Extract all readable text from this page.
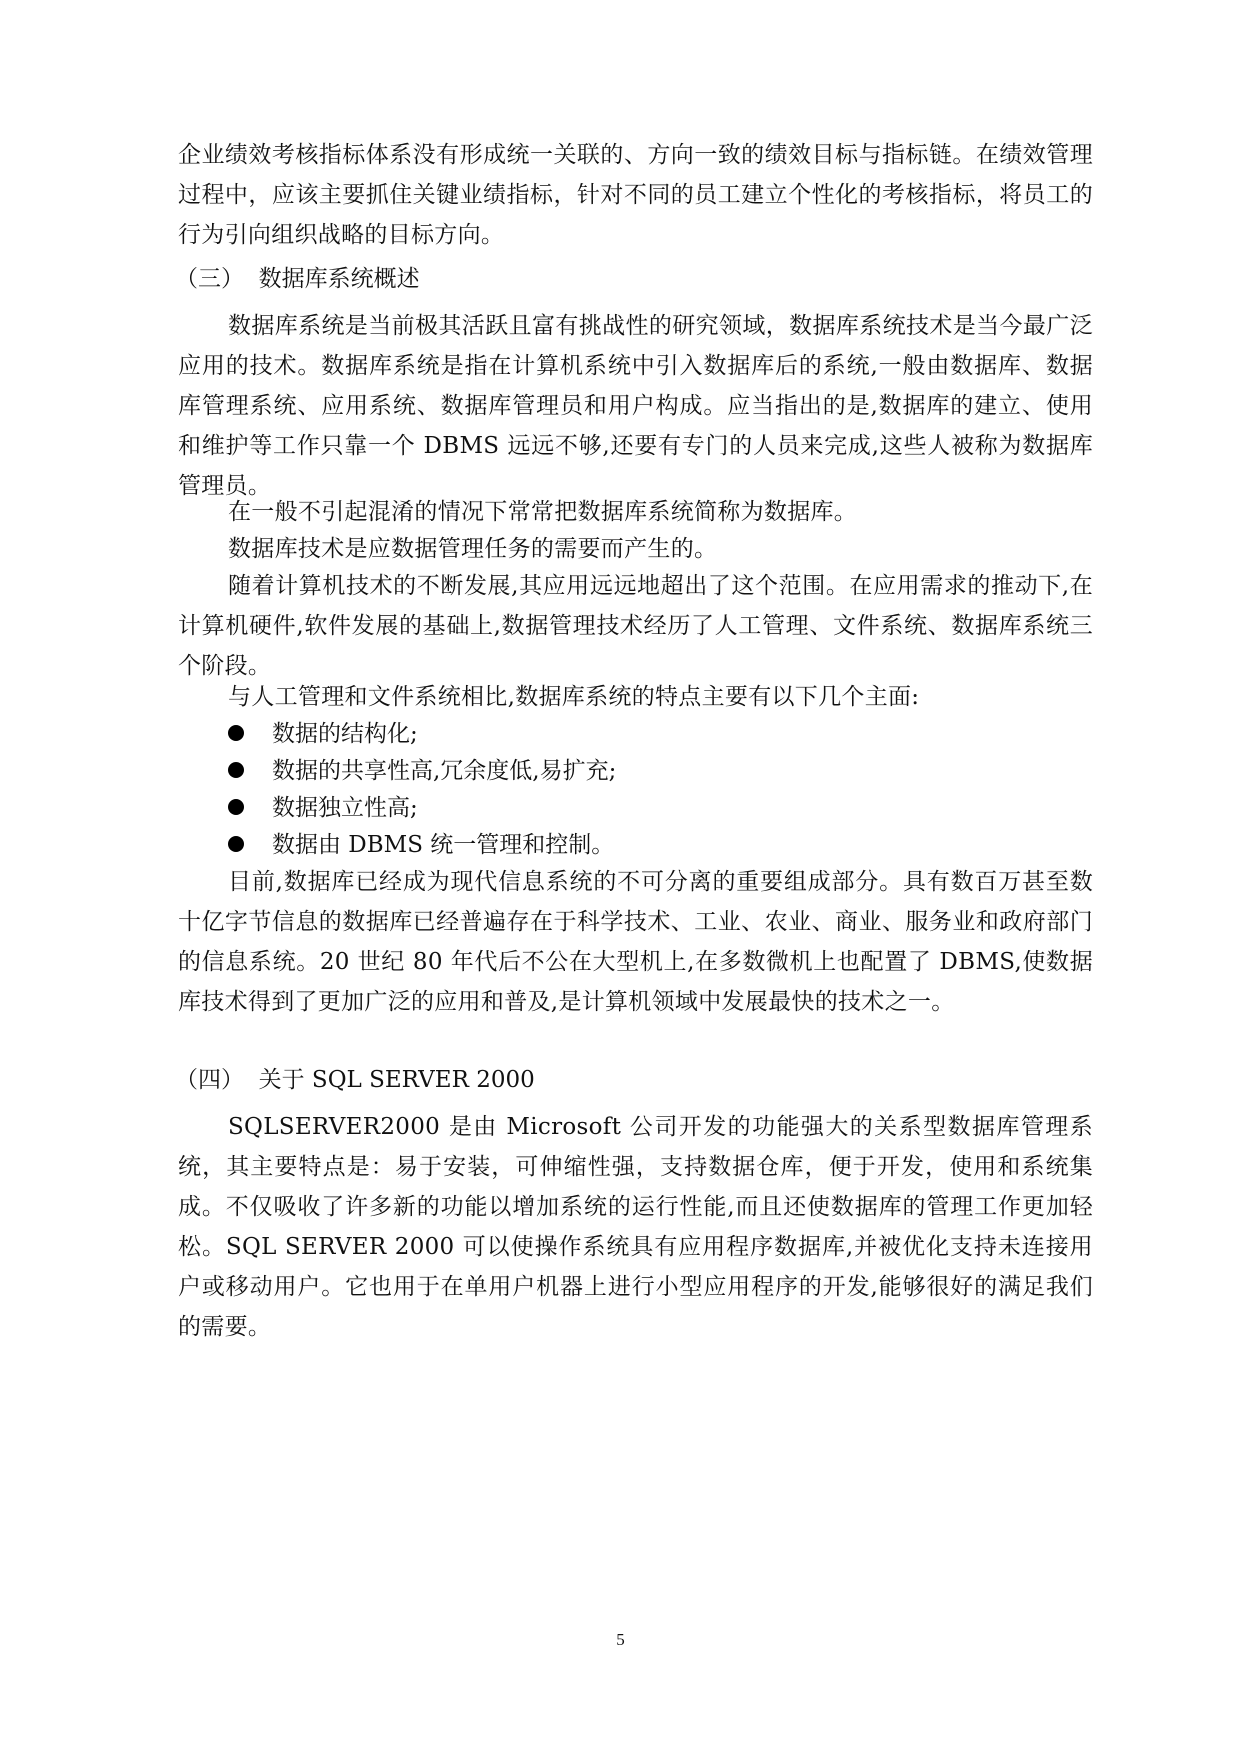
企业绩效考核指标体系没有形成统一关联的、方向一致的绩效目标与指标链。在绩效管理过程中，应该主要抓住关键业绩指标，针对不同的员工建立个性化的考核指标，将员工的行为引向组织战略的目标方向。

（三）  数据库系统概述

数据库系统是当前极其活跃且富有挑战性的研究领域，数据库系统技术是当今最广泛应用的技术。数据库系统是指在计算机系统中引入数据库后的系统,一般由数据库、数据库管理系统、应用系统、数据库管理员和用户构成。应当指出的是,数据库的建立、使用和维护等工作只靠一个 DBMS 远远不够,还要有专门的人员来完成,这些人被称为数据库管理员。

在一般不引起混淆的情况下常常把数据库系统简称为数据库。

数据库技术是应数据管理任务的需要而产生的。

随着计算机技术的不断发展,其应用远远地超出了这个范围。在应用需求的推动下,在计算机硬件,软件发展的基础上,数据管理技术经历了人工管理、文件系统、数据库系统三个阶段。

与人工管理和文件系统相比,数据库系统的特点主要有以下几个主面:

数据的结构化;
数据的共享性高,冗余度低,易扩充;
数据独立性高;
数据由 DBMS 统一管理和控制。

目前,数据库已经成为现代信息系统的不可分离的重要组成部分。具有数百万甚至数十亿字节信息的数据库已经普遍存在于科学技术、工业、农业、商业、服务业和政府部门的信息系统。20 世纪 80 年代后不公在大型机上,在多数微机上也配置了 DBMS,使数据库技术得到了更加广泛的应用和普及,是计算机领域中发展最快的技术之一。

（四）  关于 SQL SERVER 2000

SQLSERVER2000 是由 Microsoft 公司开发的功能强大的关系型数据库管理系统，其主要特点是：易于安装，可伸缩性强，支持数据仓库，便于开发，使用和系统集成。不仅吸收了许多新的功能以增加系统的运行性能,而且还使数据库的管理工作更加轻松。SQL SERVER 2000 可以使操作系统具有应用程序数据库,并被优化支持未连接用户或移动用户。它也用于在单用户机器上进行小型应用程序的开发,能够很好的满足我们的需要。

5
